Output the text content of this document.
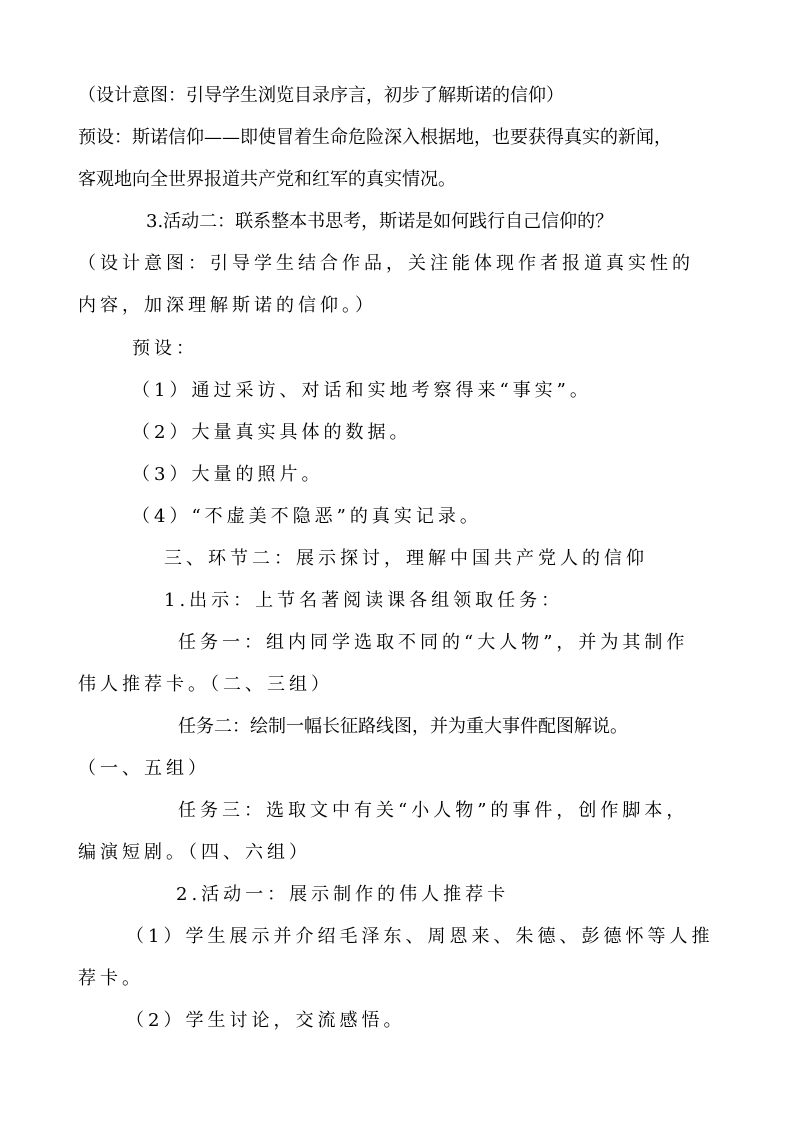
（设计意图：引导学生浏览目录序言，初步了解斯诺的信仰）
预设：斯诺信仰——即使冒着生命危险深入根据地，也要获得真实的新闻，
客观地向全世界报道共产党和红军的真实情况。
3.活动二：联系整本书思考，斯诺是如何践行自己信仰的？
（设计意图：引导学生结合作品，关注能体现作者报道真实性的
内容，加深理解斯诺的信仰。）
预设：
（1）通过采访、对话和实地考察得来“事实”。
（2）大量真实具体的数据。
（3）大量的照片。
（4）“不虚美不隐恶”的真实记录。
三、环节二：展示探讨，理解中国共产党人的信仰
1.出示：上节名著阅读课各组领取任务：
任务一：组内同学选取不同的“大人物”，并为其制作
伟人推荐卡。（二、三组）
任务二：绘制一幅长征路线图，并为重大事件配图解说。
（一、五组）
任务三：选取文中有关“小人物”的事件，创作脚本，
编演短剧。（四、六组）
2.活动一：展示制作的伟人推荐卡
（1）学生展示并介绍毛泽东、周恩来、朱德、彭德怀等人推
荐卡。
（2）学生讨论，交流感悟。
